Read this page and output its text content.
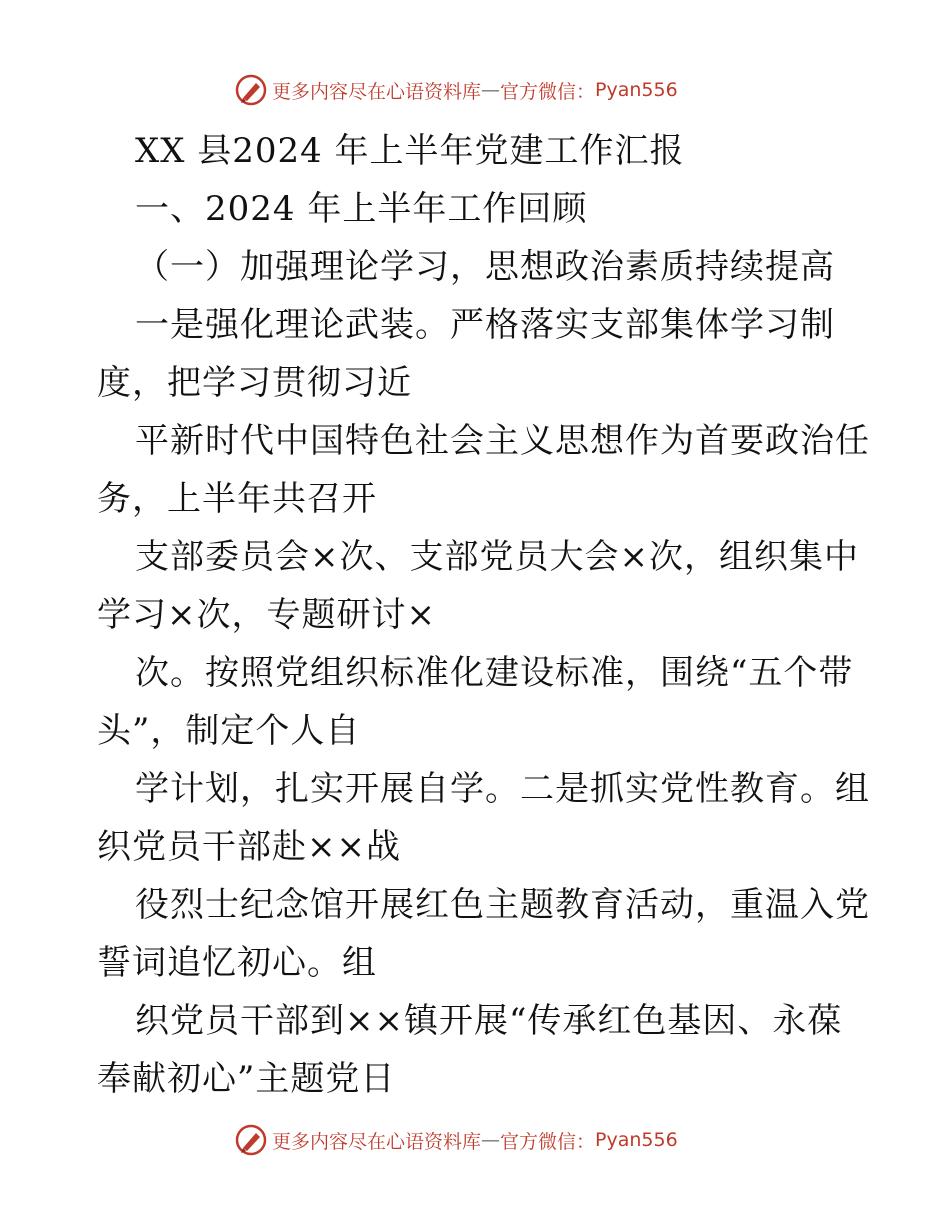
更多内容尽在心语资料库 — 官方微信： Pyan556
XX 县2024 年上半年党建工作汇报
一、2024 年上半年工作回顾
（一）加强理论学习，思想政治素质持续提高
一是强化理论武装。严格落实支部集体学习制
度，把学习贯彻习近
平新时代中国特色社会主义思想作为首要政治任
务，上半年共召开
支部委员会×次、支部党员大会×次，组织集中
学习×次，专题研讨×
次。按照党组织标准化建设标准，围绕“五个带
头”，制定个人自
学计划，扎实开展自学。二是抓实党性教育。组
织党员干部赴××战
役烈士纪念馆开展红色主题教育活动，重温入党
誓词追忆初心。组
织党员干部到××镇开展“传承红色基因、永葆
奉献初心”主题党日
更多内容尽在心语资料库 — 官方微信： Pyan556
